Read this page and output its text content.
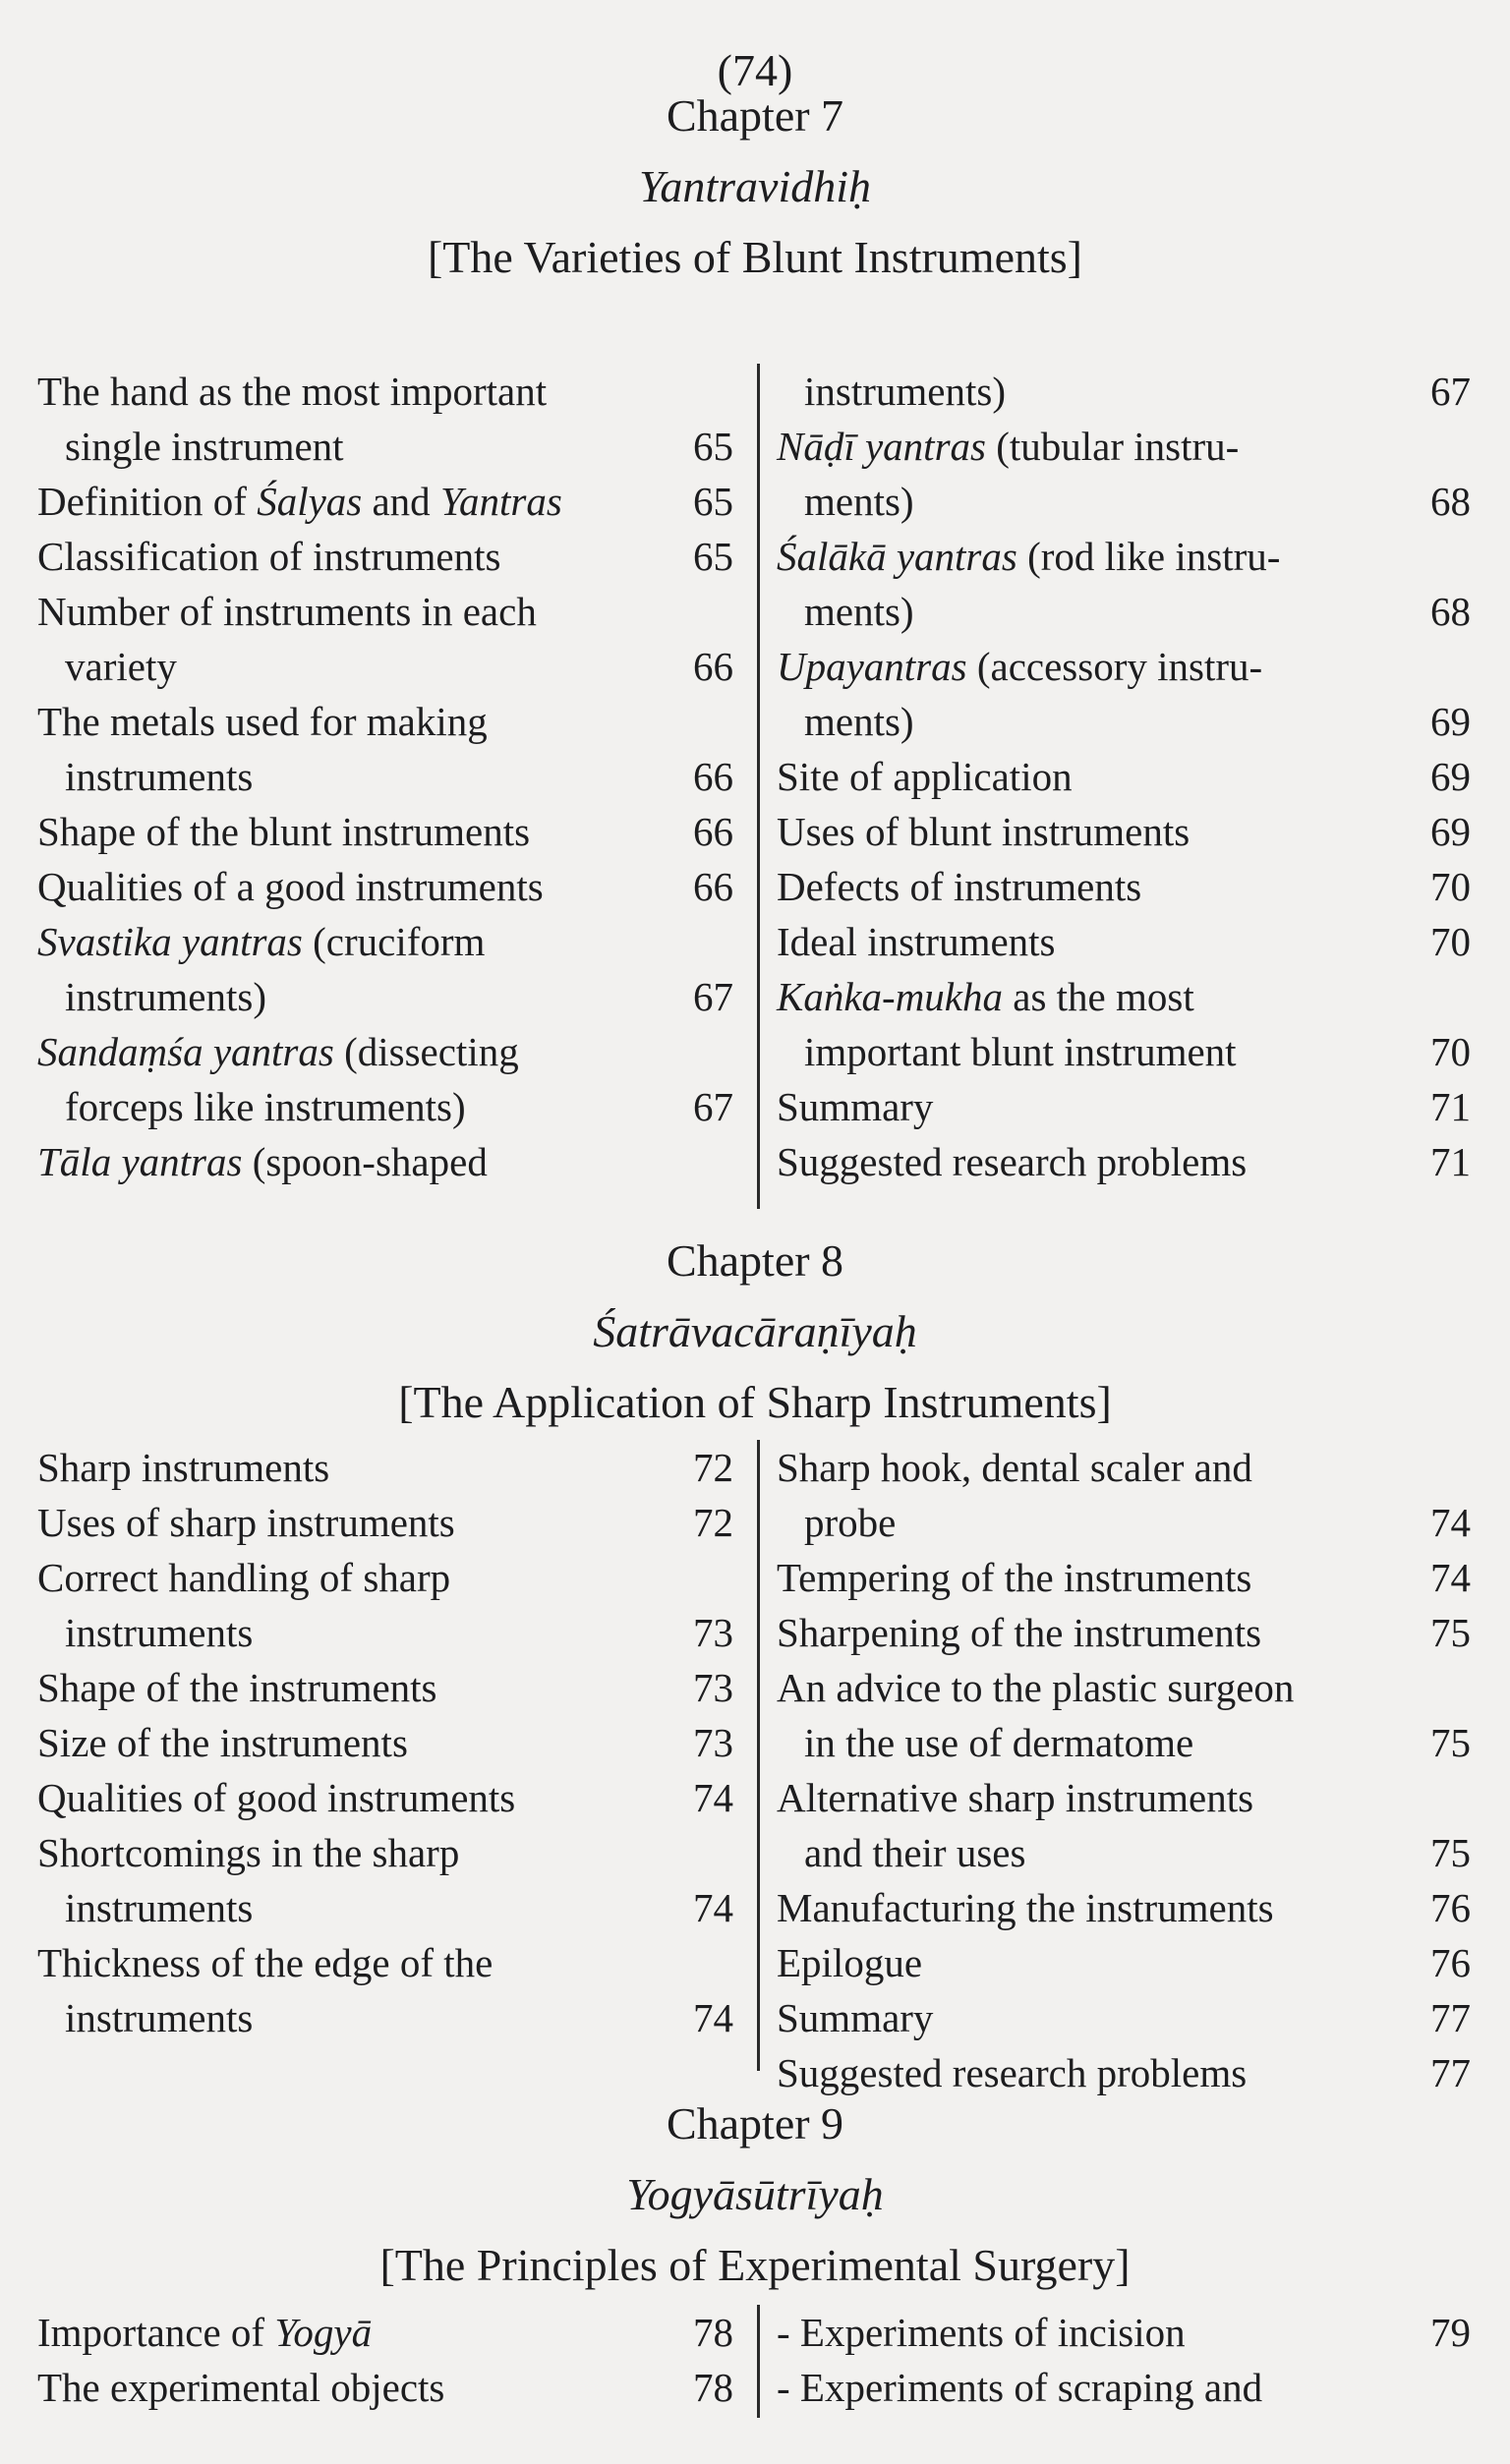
(74)
Chapter 7
Yantravidhiḥ
[The Varieties of Blunt Instruments]
The hand as the most important
single instrument	65
Definition of Śalyas and Yantras	65
Classification of instruments	65
Number of instruments in each
variety	66
The metals used for making
instruments	66
Shape of the blunt instruments	66
Qualities of a good instruments	66
Svastika yantras (cruciform
instruments)	67
Sandaṃśa yantras (dissecting
forceps like instruments)	67
Tāla yantras (spoon-shaped
instruments)	67
Nāḍī yantras (tubular instru-
ments)	68
Śalākā yantras (rod like instru-
ments)	68
Upayantras (accessory instru-
ments)	69
Site of application	69
Uses of blunt instruments	69
Defects of instruments	70
Ideal instruments	70
Kaṅka-mukha as the most
important blunt instrument	70
Summary	71
Suggested research problems	71
Chapter 8
Śatrāvacāraṇīyaḥ
[The Application of Sharp Instruments]
Sharp instruments	72
Uses of sharp instruments	72
Correct handling of sharp
instruments	73
Shape of the instruments	73
Size of the instruments	73
Qualities of good instruments	74
Shortcomings in the sharp
instruments	74
Thickness of the edge of the
instruments	74
Sharp hook, dental scaler and
probe	74
Tempering of the instruments	74
Sharpening of the instruments	75
An advice to the plastic surgeon
in the use of dermatome	75
Alternative sharp instruments
and their uses	75
Manufacturing the instruments	76
Epilogue	76
Summary	77
Suggested research problems	77
Chapter 9
Yogyāsūtrīyaḥ
[The Principles of Experimental Surgery]
Importance of Yogyā	78
The experimental objects	78
- Experiments of incision	79
- Experiments of scraping and
